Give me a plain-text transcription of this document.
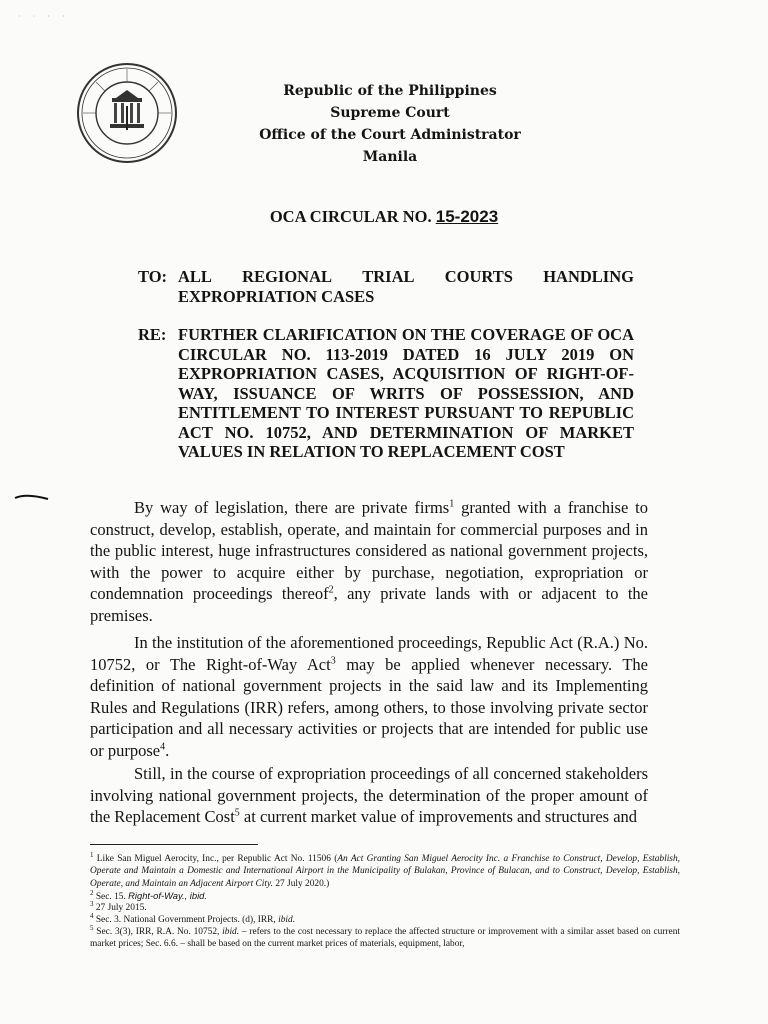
· · · ·
Republic of the Philippines
Supreme Court
Office of the Court Administrator
Manila
OCA CIRCULAR NO. 15-2023
TO: ALL REGIONAL TRIAL COURTS HANDLING
EXPROPRIATION CASES
RE: FURTHER CLARIFICATION ON THE COVERAGE OF OCA CIRCULAR NO. 113-2019 DATED 16 JULY 2019 ON EXPROPRIATION CASES, ACQUISITION OF RIGHT-OF-WAY, ISSUANCE OF WRITS OF POSSESSION, AND ENTITLEMENT TO INTEREST PURSUANT TO REPUBLIC ACT NO. 10752, AND DETERMINATION OF MARKET VALUES IN RELATION TO REPLACEMENT COST
By way of legislation, there are private firms$^1$ granted with a franchise to construct, develop, establish, operate, and maintain for commercial purposes and in the public interest, huge infrastructures considered as national government projects, with the power to acquire either by purchase, negotiation, expropriation or condemnation proceedings thereof$^2$, any private lands with or adjacent to the premises.
In the institution of the aforementioned proceedings, Republic Act (R.A.) No. 10752, or The Right-of-Way Act$^3$ may be applied whenever necessary. The definition of national government projects in the said law and its Implementing Rules and Regulations (IRR) refers, among others, to those involving private sector participation and all necessary activities or projects that are intended for public use or purpose$^4$.
Still, in the course of expropriation proceedings of all concerned stakeholders involving national government projects, the determination of the proper amount of the Replacement Cost$^5$ at current market value of improvements and structures and
$^1$ Like San Miguel Aerocity, Inc., per Republic Act No. 11506 (An Act Granting San Miguel Aerocity Inc. a Franchise to Construct, Develop, Establish, Operate and Maintain a Domestic and International Airport in the Municipality of Bulakan, Province of Bulacan, and to Construct, Develop, Establish, Operate, and Maintain an Adjacent Airport City. 27 July 2020.)
$^2$ Sec. 15. Right-of-Way., ibid.
$^3$ 27 July 2015.
$^4$ Sec. 3. National Government Projects. (d), IRR, ibid.
$^5$ Sec. 3(3), IRR, R.A. No. 10752, ibid. – refers to the cost necessary to replace the affected structure or improvement with a similar asset based on current market prices; Sec. 6.6. – shall be based on the current market prices of materials, equipment, labor,
